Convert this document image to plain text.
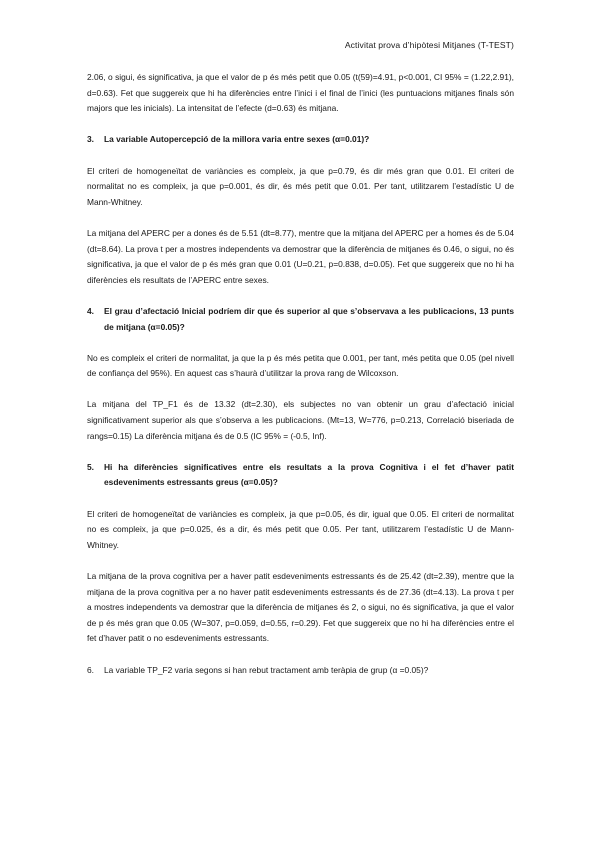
Activitat prova d’hipòtesi Mitjanes (T-TEST)

2.06, o sigui, és significativa, ja que el valor de p és més petit que 0.05 (t(59)=4.91, p<0.001, CI 95% = (1.22,2.91), d=0.63). Fet que suggereix que hi ha diferències entre l’inici i el final de l’inici (les puntuacions mitjanes finals són majors que les inicials). La intensitat de l’efecte (d=0.63) és mitjana.

3.	La variable Autopercepció de la millora varia entre sexes (α=0.01)?

El criteri de homogeneïtat de variàncies es compleix, ja que p=0.79, és dir més gran que 0.01. El criteri de normalitat no es compleix, ja que p=0.001, és dir, és més petit que 0.01. Per tant, utilitzarem l’estadístic U de Mann-Whitney.

La mitjana del APERC per a dones és de 5.51 (dt=8.77), mentre que la mitjana del APERC per a homes és de 5.04 (dt=8.64). La prova t per a mostres independents va demostrar que la diferència de mitjanes és 0.46, o sigui, no és significativa, ja que el valor de p és més gran que 0.01 (U=0.21, p=0.838, d=0.05). Fet que suggereix que no hi ha diferències els resultats de l’APERC entre sexes.

4.	El grau d’afectació Inicial podríem dir que és superior al que s’observava a les publicacions, 13 punts de mitjana (α=0.05)?

No es compleix el criteri de normalitat, ja que la p és més petita que 0.001, per tant, més petita que 0.05 (pel nivell de confiança del 95%). En aquest cas s’haurà d’utilitzar la prova rang de Wilcoxson.

La mitjana del TP_F1 és de 13.32 (dt=2.30), els subjectes no van obtenir un grau d’afectació inicial significativament superior als que s’observa a les publicacions. (Mt=13, W=776, p=0.213, Correlació biseriada de rangs=0.15) La diferència mitjana és de 0.5 (IC 95% = (-0.5, Inf).

5.	Hi ha diferències significatives entre els resultats a la prova Cognitiva i el fet d’haver patit esdeveniments estressants greus (α=0.05)?

El criteri de homogeneïtat de variàncies es compleix, ja que p=0.05, és dir, igual que 0.05. El criteri de normalitat no es compleix, ja que p=0.025, és a dir, és més petit que 0.05. Per tant, utilitzarem l’estadístic U de Mann-Whitney.

La mitjana de la prova cognitiva per a haver patit esdeveniments estressants és de 25.42 (dt=2.39), mentre que la mitjana de la prova cognitiva per a no haver patit esdeveniments estressants és de 27.36 (dt=4.13). La prova t per a mostres independents va demostrar que la diferència de mitjanes és 2, o sigui, no és significativa, ja que el valor de p és més gran que 0.05 (W=307, p=0.059, d=0.55, r=0.29). Fet que suggereix que no hi ha diferències entre el fet d’haver patit o no esdeveniments estressants.

6.	La variable TP_F2 varia segons si han rebut tractament amb teràpia de grup (α =0.05)?
